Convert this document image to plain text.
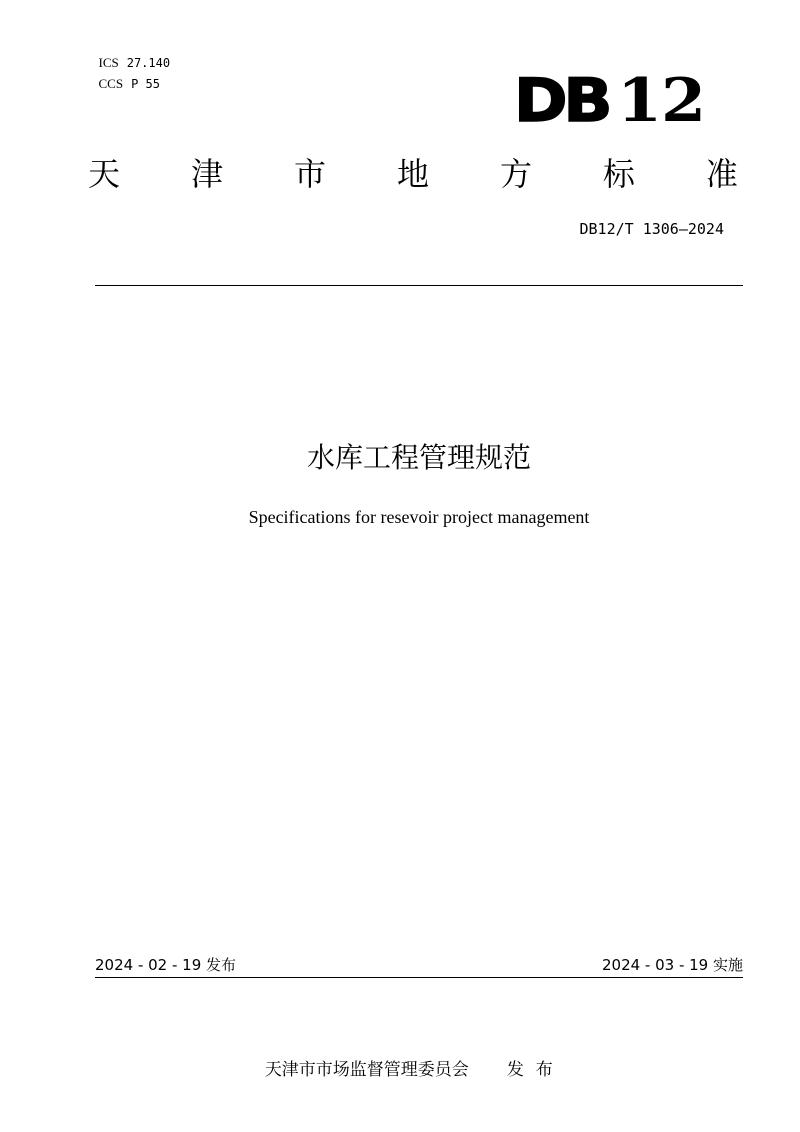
ICS 27.140

CCS P 55	DB 12
天 津 市 地 方 标 准
DB12/T 1306—2024
水库工程管理规范
Specifications for resevoir project management
2024 - 02 - 19 发布	2024 - 03 - 19 实施

天津市市场监督管理委员会 发布
